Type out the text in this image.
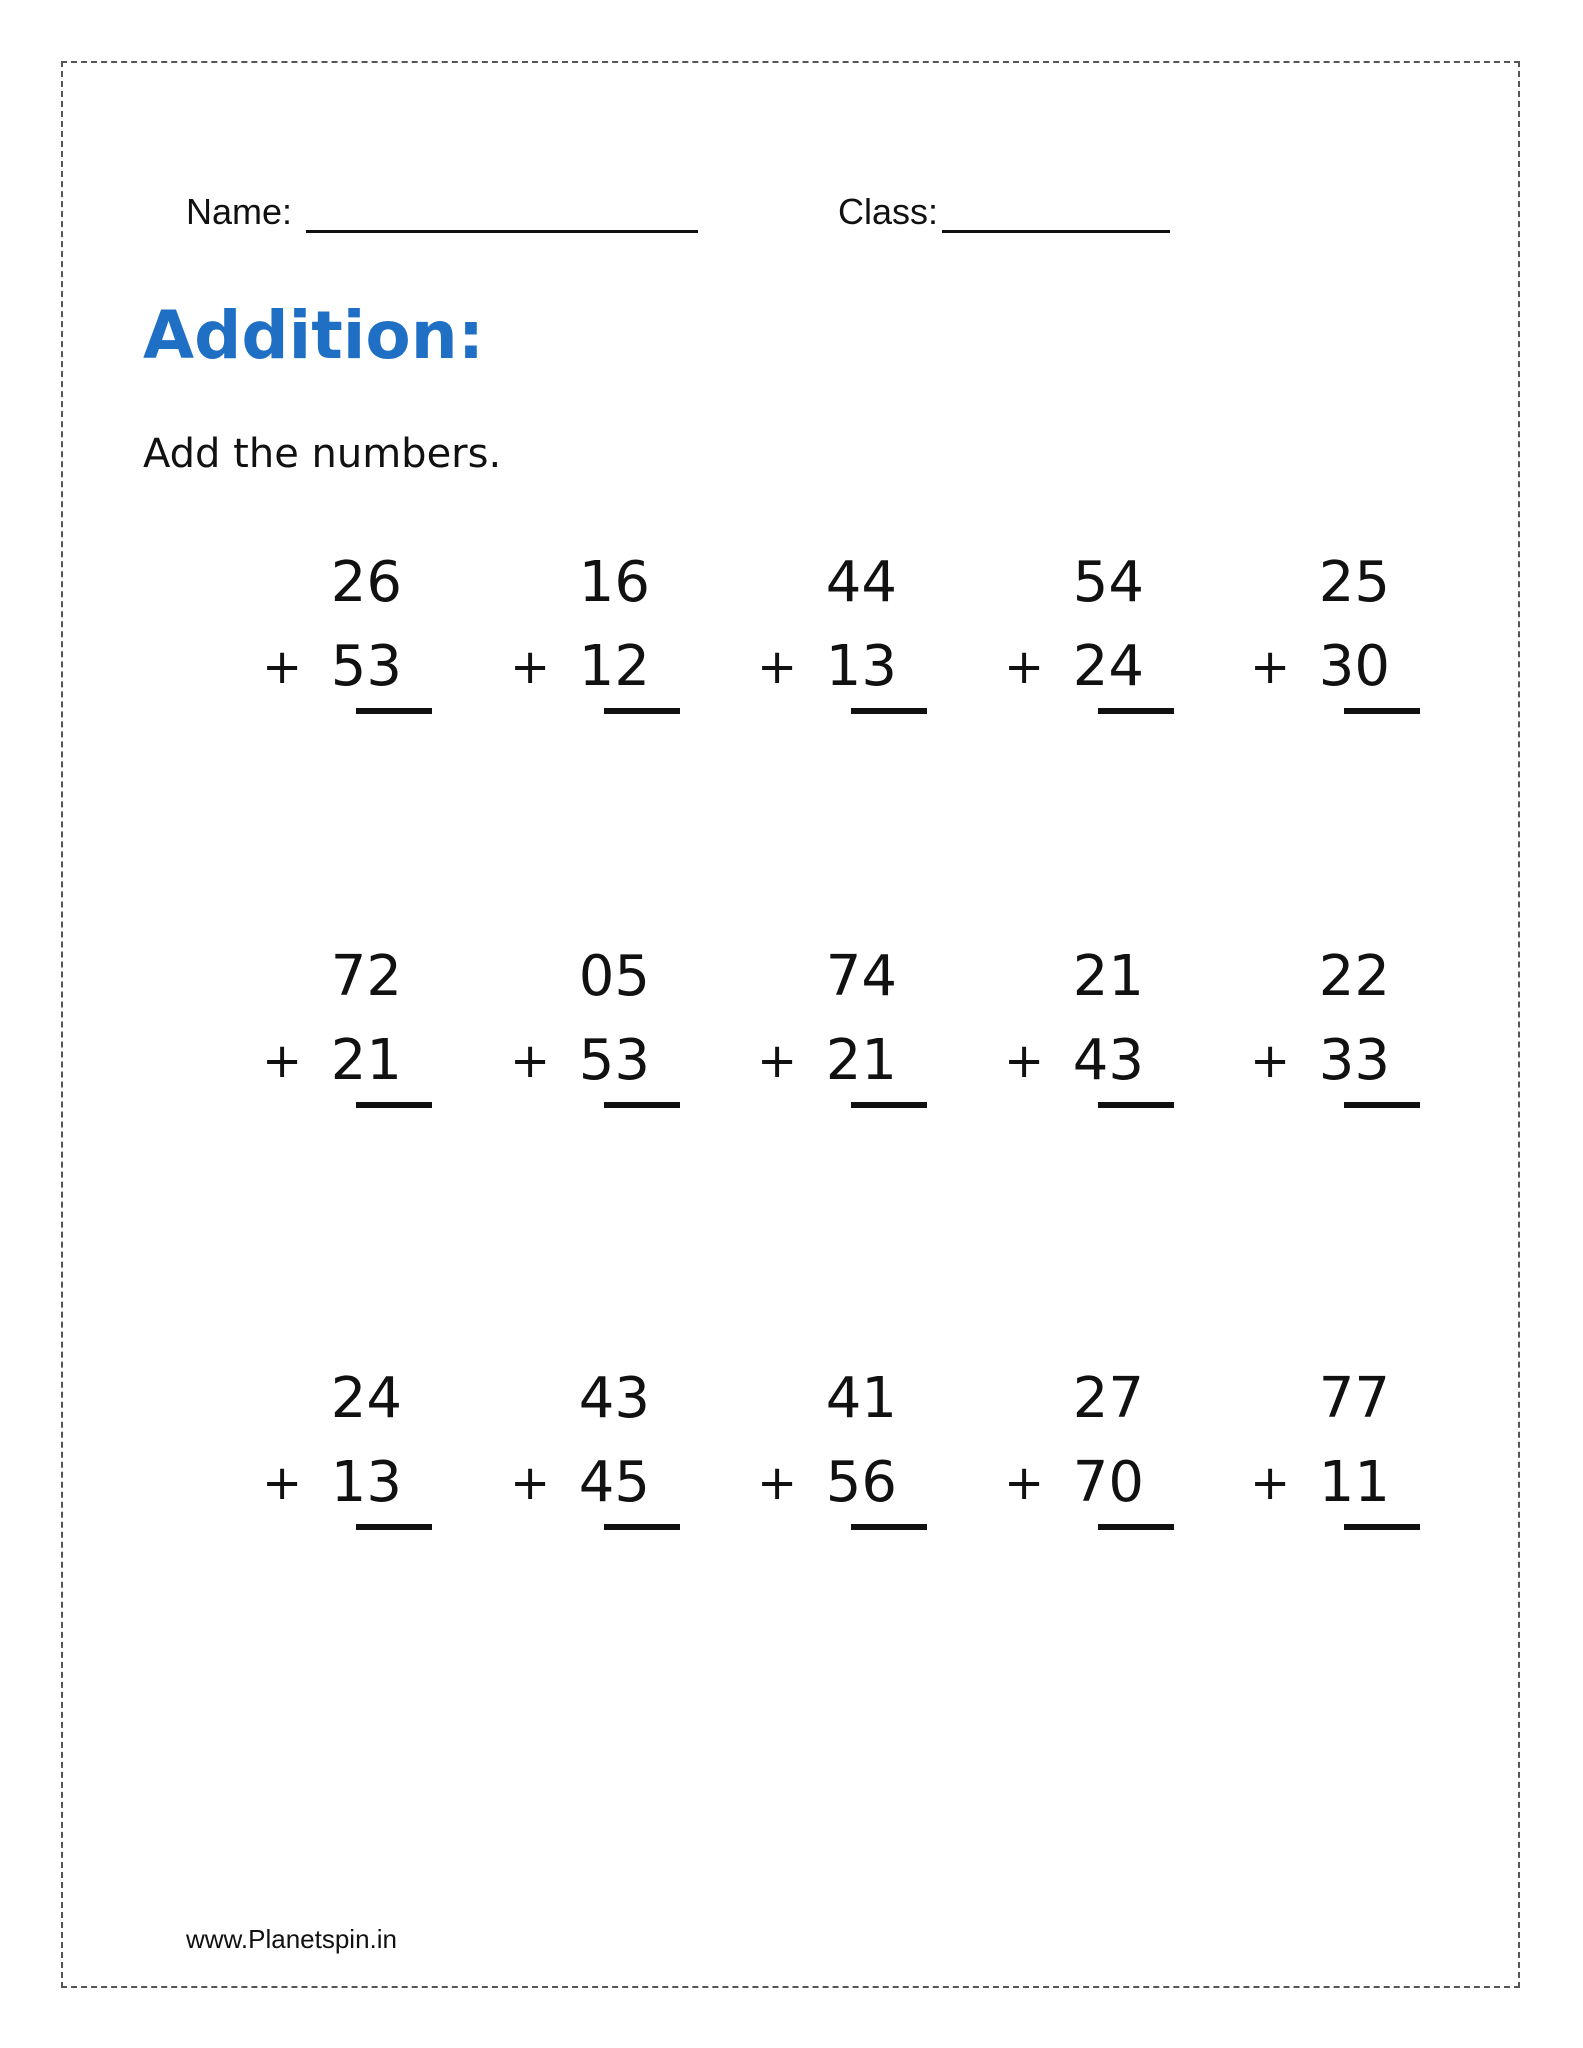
Name:	Class:
Addition:
Add the numbers.
26
+ 53
16
+ 12
44
+ 13
54
+ 24
25
+ 30
72
+ 21
05
+ 53
74
+ 21
21
+ 43
22
+ 33
24
+ 13
43
+ 45
41
+ 56
27
+ 70
77
+ 11
www.Planetspin.in
